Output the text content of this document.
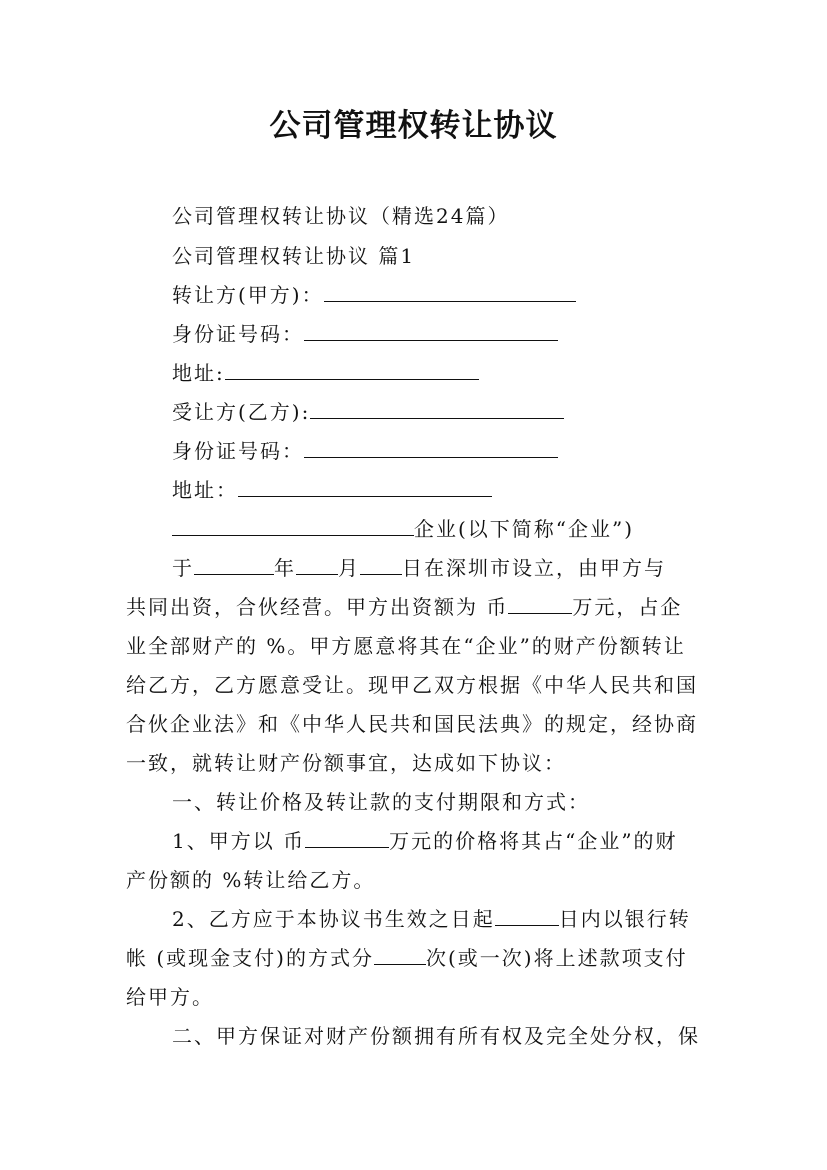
公司管理权转让协议
公司管理权转让协议（精选24篇）
公司管理权转让协议 篇1
转让方(甲方)：
身份证号码：
地址:
受让方(乙方):
身份证号码：
地址：
企业(以下简称“企业”)
于	年 月 日在深圳市设立，由甲方与
共同出资，合伙经营。甲方出资额为 币	万元，占企
业全部财产的 %。甲方愿意将其在“企业”的财产份额转让
给乙方，乙方愿意受让。现甲乙双方根据《中华人民共和国
合伙企业法》和《中华人民共和国民法典》的规定，经协商
一致，就转让财产份额事宜，达成如下协议：
一、转让价格及转让款的支付期限和方式：
1、甲方以 币	万元的价格将其占“企业”的财
产份额的 %转让给乙方。
2、乙方应于本协议书生效之日起	日内以银行转
帐 (或现金支付)的方式分	次(或一次)将上述款项支付
给甲方。
二、甲方保证对财产份额拥有所有权及完全处分权，保
